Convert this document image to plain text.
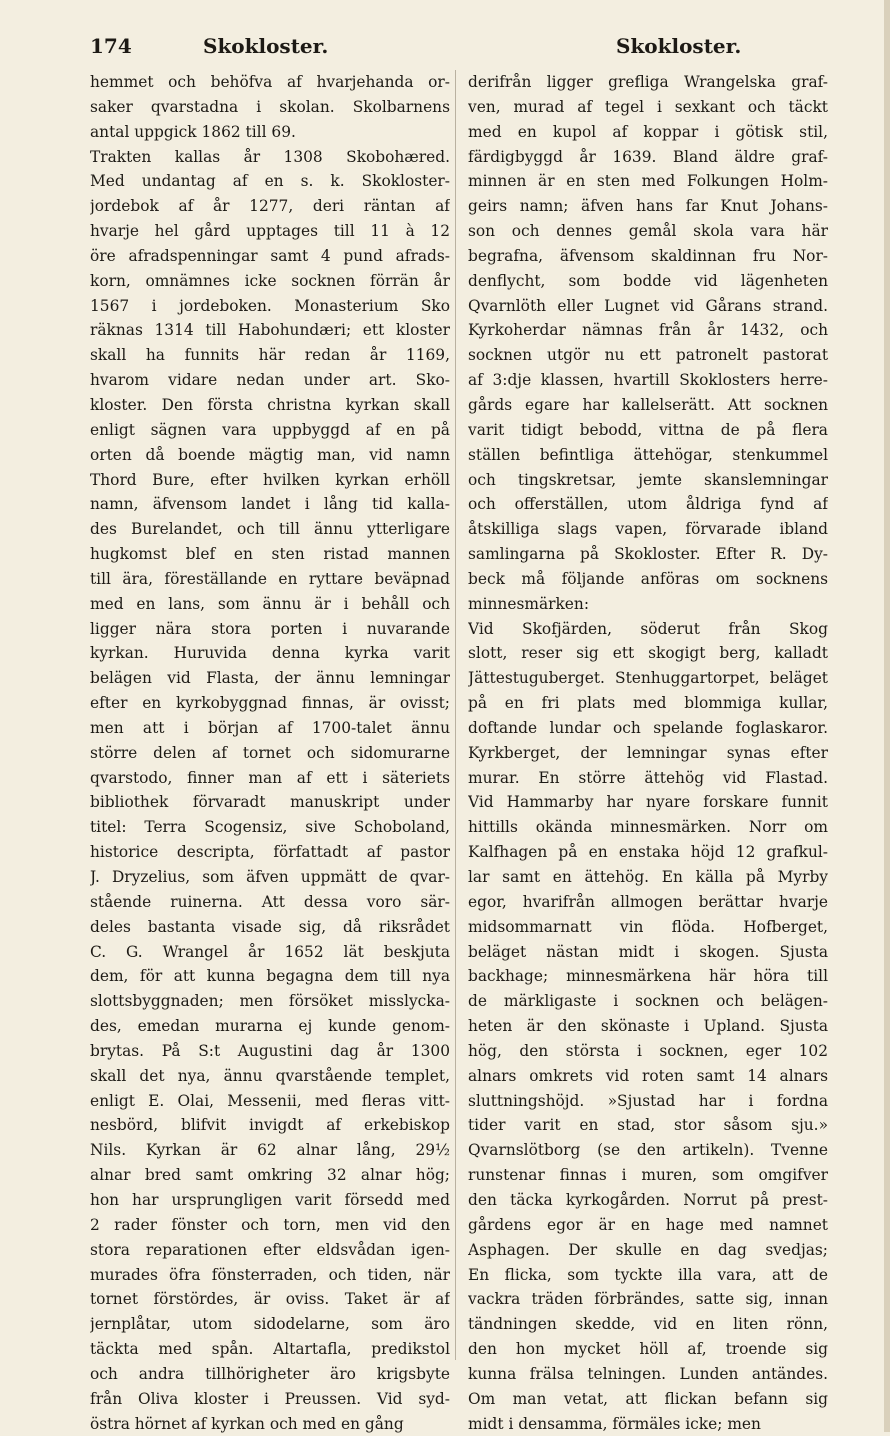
174	Skokloster.	Skokloster.
hemmet och behöfva af hvarjehanda or-
saker qvarstadna i skolan. Skolbarnens
antal uppgick 1862 till 69.
Trakten kallas år 1308 Skobohæred.
Med undantag af en s. k. Skokloster-
jordebok af år 1277, deri räntan af
hvarje hel gård upptages till 11 à 12
öre afradspenningar samt 4 pund afrads-
korn, omnämnes icke socknen förrän år
1567 i jordeboken. Monasterium Sko
räknas 1314 till Habohundæri; ett kloster
skall ha funnits här redan år 1169,
hvarom vidare nedan under art. Sko-
kloster. Den första christna kyrkan skall
enligt sägnen vara uppbyggd af en på
orten då boende mägtig man, vid namn
Thord Bure, efter hvilken kyrkan erhöll
namn, äfvensom landet i lång tid kalla-
des Burelandet, och till ännu ytterligare
hugkomst blef en sten ristad mannen
till ära, föreställande en ryttare beväpnad
med en lans, som ännu är i behåll och
ligger nära stora porten i nuvarande
kyrkan. Huruvida denna kyrka varit
belägen vid Flasta, der ännu lemningar
efter en kyrkobyggnad finnas, är ovisst;
men att i början af 1700-talet ännu
större delen af tornet och sidomurarne
qvarstodo, finner man af ett i säteriets
bibliothek förvaradt manuskript under
titel: Terra Scogensiz, sive Schoboland,
historice descripta, författadt af pastor
J. Dryzelius, som äfven uppmätt de qvar-
stående ruinerna. Att dessa voro sär-
deles bastanta visade sig, då riksrådet
C. G. Wrangel år 1652 lät beskjuta
dem, för att kunna begagna dem till nya
slottsbyggnaden; men försöket misslycka-
des, emedan murarna ej kunde genom-
brytas. På S:t Augustini dag år 1300
skall det nya, ännu qvarstående templet,
enligt E. Olai, Messenii, med fleras vitt-
nesbörd, blifvit invigdt af erkebiskop
Nils. Kyrkan är 62 alnar lång, 29½
alnar bred samt omkring 32 alnar hög;
hon har ursprungligen varit försedd med
2 rader fönster och torn, men vid den
stora reparationen efter eldsvådan igen-
murades öfra fönsterraden, och tiden, när
tornet förstördes, är oviss. Taket är af
jernplåtar, utom sidodelarne, som äro
täckta med spån. Altartafla, predikstol
och andra tillhörigheter äro krigsbyte
från Oliva kloster i Preussen. Vid syd-
östra hörnet af kyrkan och med en gång
derifrån ligger grefliga Wrangelska graf-
ven, murad af tegel i sexkant och täckt
med en kupol af koppar i götisk stil,
färdigbyggd år 1639. Bland äldre graf-
minnen är en sten med Folkungen Holm-
geirs namn; äfven hans far Knut Johans-
son och dennes gemål skola vara här
begrafna, äfvensom skaldinnan fru Nor-
denflycht, som bodde vid lägenheten
Qvarnlöth eller Lugnet vid Gårans strand.
Kyrkoherdar nämnas från år 1432, och
socknen utgör nu ett patronelt pastorat
af 3:dje klassen, hvartill Skoklosters herre-
gårds egare har kallelserätt. Att socknen
varit tidigt bebodd, vittna de på flera
ställen befintliga ättehögar, stenkummel
och tingskretsar, jemte skanslemningar
och offerställen, utom åldriga fynd af
åtskilliga slags vapen, förvarade ibland
samlingarna på Skokloster. Efter R. Dy-
beck må följande anföras om socknens
minnesmärken:
Vid Skofjärden, söderut från Skog
slott, reser sig ett skogigt berg, kalladt
Jättestuguberget. Stenhuggartorpet, beläget
på en fri plats med blommiga kullar,
doftande lundar och spelande foglaskaror.
Kyrkberget, der lemningar synas efter
murar. En större ättehög vid Flastad.
Vid Hammarby har nyare forskare funnit
hittills okända minnesmärken. Norr om
Kalfhagen på en enstaka höjd 12 grafkul-
lar samt en ättehög. En källa på Myrby
egor, hvarifrån allmogen berättar hvarje
midsommarnatt vin flöda. Hofberget,
beläget nästan midt i skogen. Sjusta
backhage; minnesmärkena här höra till
de märkligaste i socknen och belägen-
heten är den skönaste i Upland. Sjusta
hög, den största i socknen, eger 102
alnars omkrets vid roten samt 14 alnars
sluttningshöjd. »Sjustad har i fordna
tider varit en stad, stor såsom sju.»
Qvarnslötborg (se den artikeln). Tvenne
runstenar finnas i muren, som omgifver
den täcka kyrkogården. Norrut på prest-
gårdens egor är en hage med namnet
Asphagen. Der skulle en dag svedjas;
En flicka, som tyckte illa vara, att de
vackra träden förbrändes, satte sig, innan
tändningen skedde, vid en liten rönn,
den hon mycket höll af, troende sig
kunna frälsa telningen. Lunden antändes.
Om man vetat, att flickan befann sig
midt i densamma, förmäles icke; men
